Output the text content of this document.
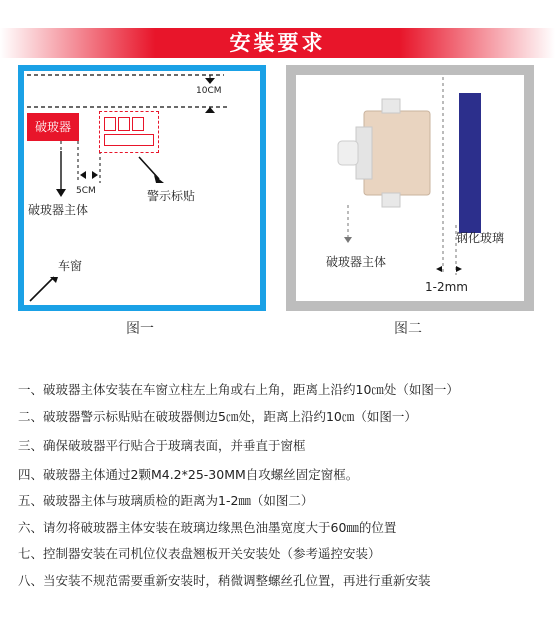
安装要求
10CM
破玻器
5CM	警示标贴
破玻器主体
车窗
图一
钢化玻璃
破玻器主体
1-2mm
图二
一、破玻器主体安装在车窗立柱左上角或右上角，距离上沿约10㎝处（如图一）
二、破玻器警示标贴贴在破玻器侧边5㎝处，距离上沿约10㎝（如图一）
三、确保破玻器平行贴合于玻璃表面，并垂直于窗框
四、破玻器主体通过2颗M4.2*25-30MM自攻螺丝固定窗框。
五、破玻器主体与玻璃质检的距离为1-2㎜（如图二）
六、请勿将破玻器主体安装在玻璃边缘黑色油墨宽度大于60㎜的位置
七、控制器安装在司机位仪表盘翘板开关安装处（参考遥控安装）
八、当安装不规范需要重新安装时，稍微调整螺丝孔位置，再进行重新安装
